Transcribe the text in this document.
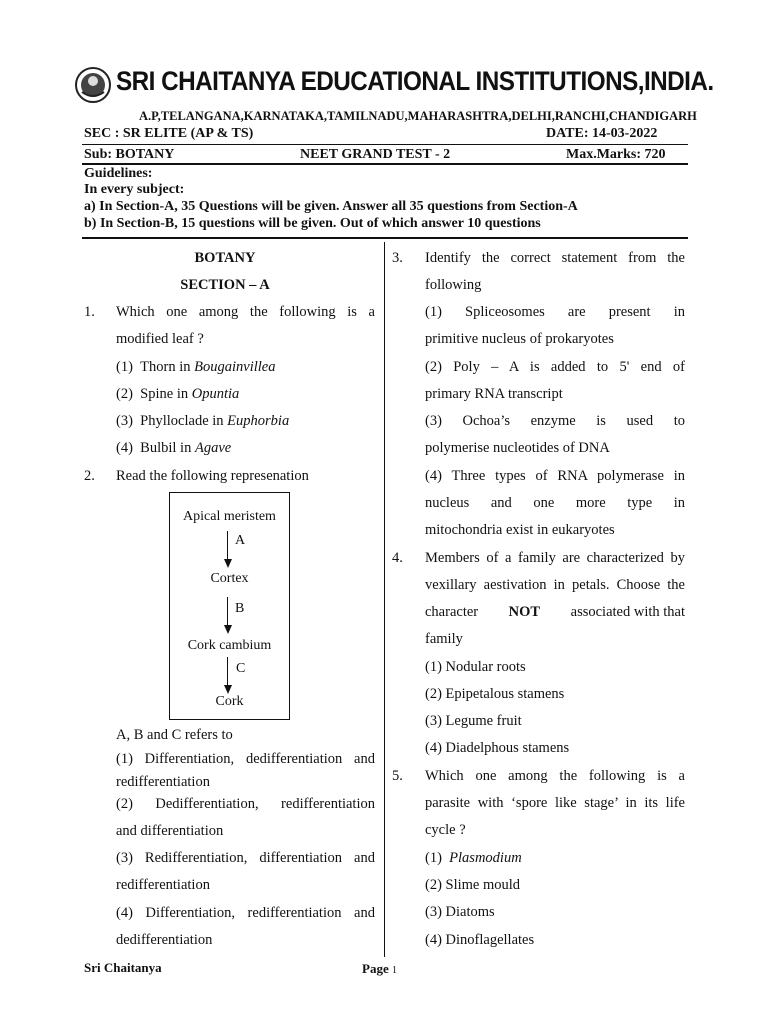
SRI CHAITANYA EDUCATIONAL INSTITUTIONS,INDIA.
A.P,TELANGANA,KARNATAKA,TAMILNADU,MAHARASHTRA,DELHI,RANCHI,CHANDIGARH
SEC : SR ELITE (AP & TS)	DATE: 14-03-2022
Sub: BOTANY	NEET GRAND TEST - 2	Max.Marks: 720
Guidelines:
In every subject:
a) In Section-A, 35 Questions will be given. Answer all 35 questions from Section-A
b) In Section-B, 15 questions will be given. Out of which answer 10 questions
BOTANY
SECTION – A
1. Which one among the following is a
modified leaf ?
(1) Thorn in Bougainvillea
(2) Spine in Opuntia
(3) Phylloclade in Euphorbia
(4) Bulbil in Agave
2. Read the following represenation
Apical meristem
A
Cortex
B
Cork cambium
C
Cork
A, B and C refers to
(1) Differentiation, dedifferentiation and
redifferentiation
(2) Dedifferentiation, redifferentiation
and differentiation
(3) Redifferentiation, differentiation and
redifferentiation
(4) Differentiation, redifferentiation and
dedifferentiation
3. Identify the correct statement from the
following
(1) Spliceosomes are present in
primitive nucleus of prokaryotes
(2) Poly – A is added to 5' end of
primary RNA transcript
(3) Ochoa’s enzyme is used to
polymerise nucleotides of DNA
(4) Three types of RNA polymerase in
nucleus and one more type in
mitochondria exist in eukaryotes
4. Members of a family are characterized by
vexillary aestivation in petals. Choose the
character NOT associated with that
family
(1) Nodular roots
(2) Epipetalous stamens
(3) Legume fruit
(4) Diadelphous stamens
5. Which one among the following is a
parasite with ‘spore like stage’ in its life
cycle ?
(1) Plasmodium
(2) Slime mould
(3) Diatoms
(4) Dinoflagellates
Sri Chaitanya	Page 1
